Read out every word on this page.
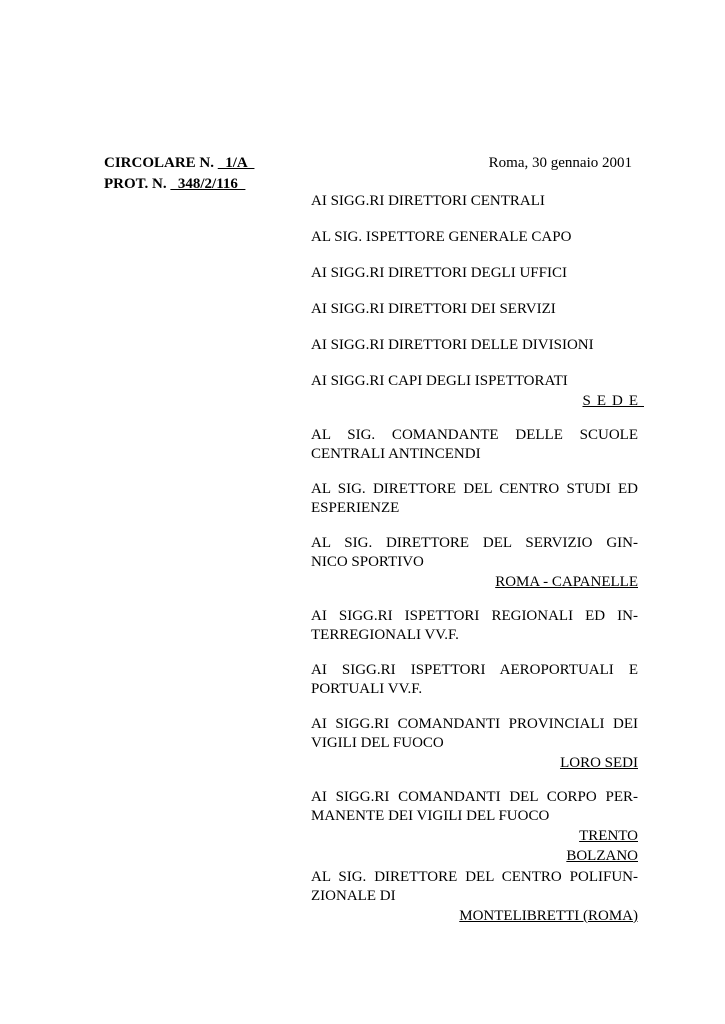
CIRCOLARE N.   1/A
PROT. N.   348/2/116
Roma, 30 gennaio 2001
AI SIGG.RI DIRETTORI CENTRALI
AL SIG. ISPETTORE GENERALE CAPO
AI SIGG.RI DIRETTORI DEGLI UFFICI
AI SIGG.RI DIRETTORI DEI SERVIZI
AI SIGG.RI DIRETTORI DELLE DIVISIONI
AI SIGG.RI CAPI DEGLI ISPETTORATI
SEDE
AL SIG. COMANDANTE DELLE SCUOLE
CENTRALI ANTINCENDI
AL SIG. DIRETTORE DEL CENTRO STUDI ED
ESPERIENZE
AL SIG. DIRETTORE DEL SERVIZIO GIN-
NICO SPORTIVO
ROMA - CAPANELLE
AI SIGG.RI ISPETTORI REGIONALI ED IN-
TERREGIONALI VV.F.
AI SIGG.RI ISPETTORI AEROPORTUALI E
PORTUALI VV.F.
AI SIGG.RI COMANDANTI PROVINCIALI DEI
VIGILI DEL FUOCO
LORO SEDI
AI SIGG.RI COMANDANTI DEL CORPO PER-
MANENTE DEI VIGILI DEL FUOCO
TRENTO
BOLZANO
AL SIG. DIRETTORE DEL CENTRO POLIFUN-
ZIONALE DI
MONTELIBRETTI (ROMA)
